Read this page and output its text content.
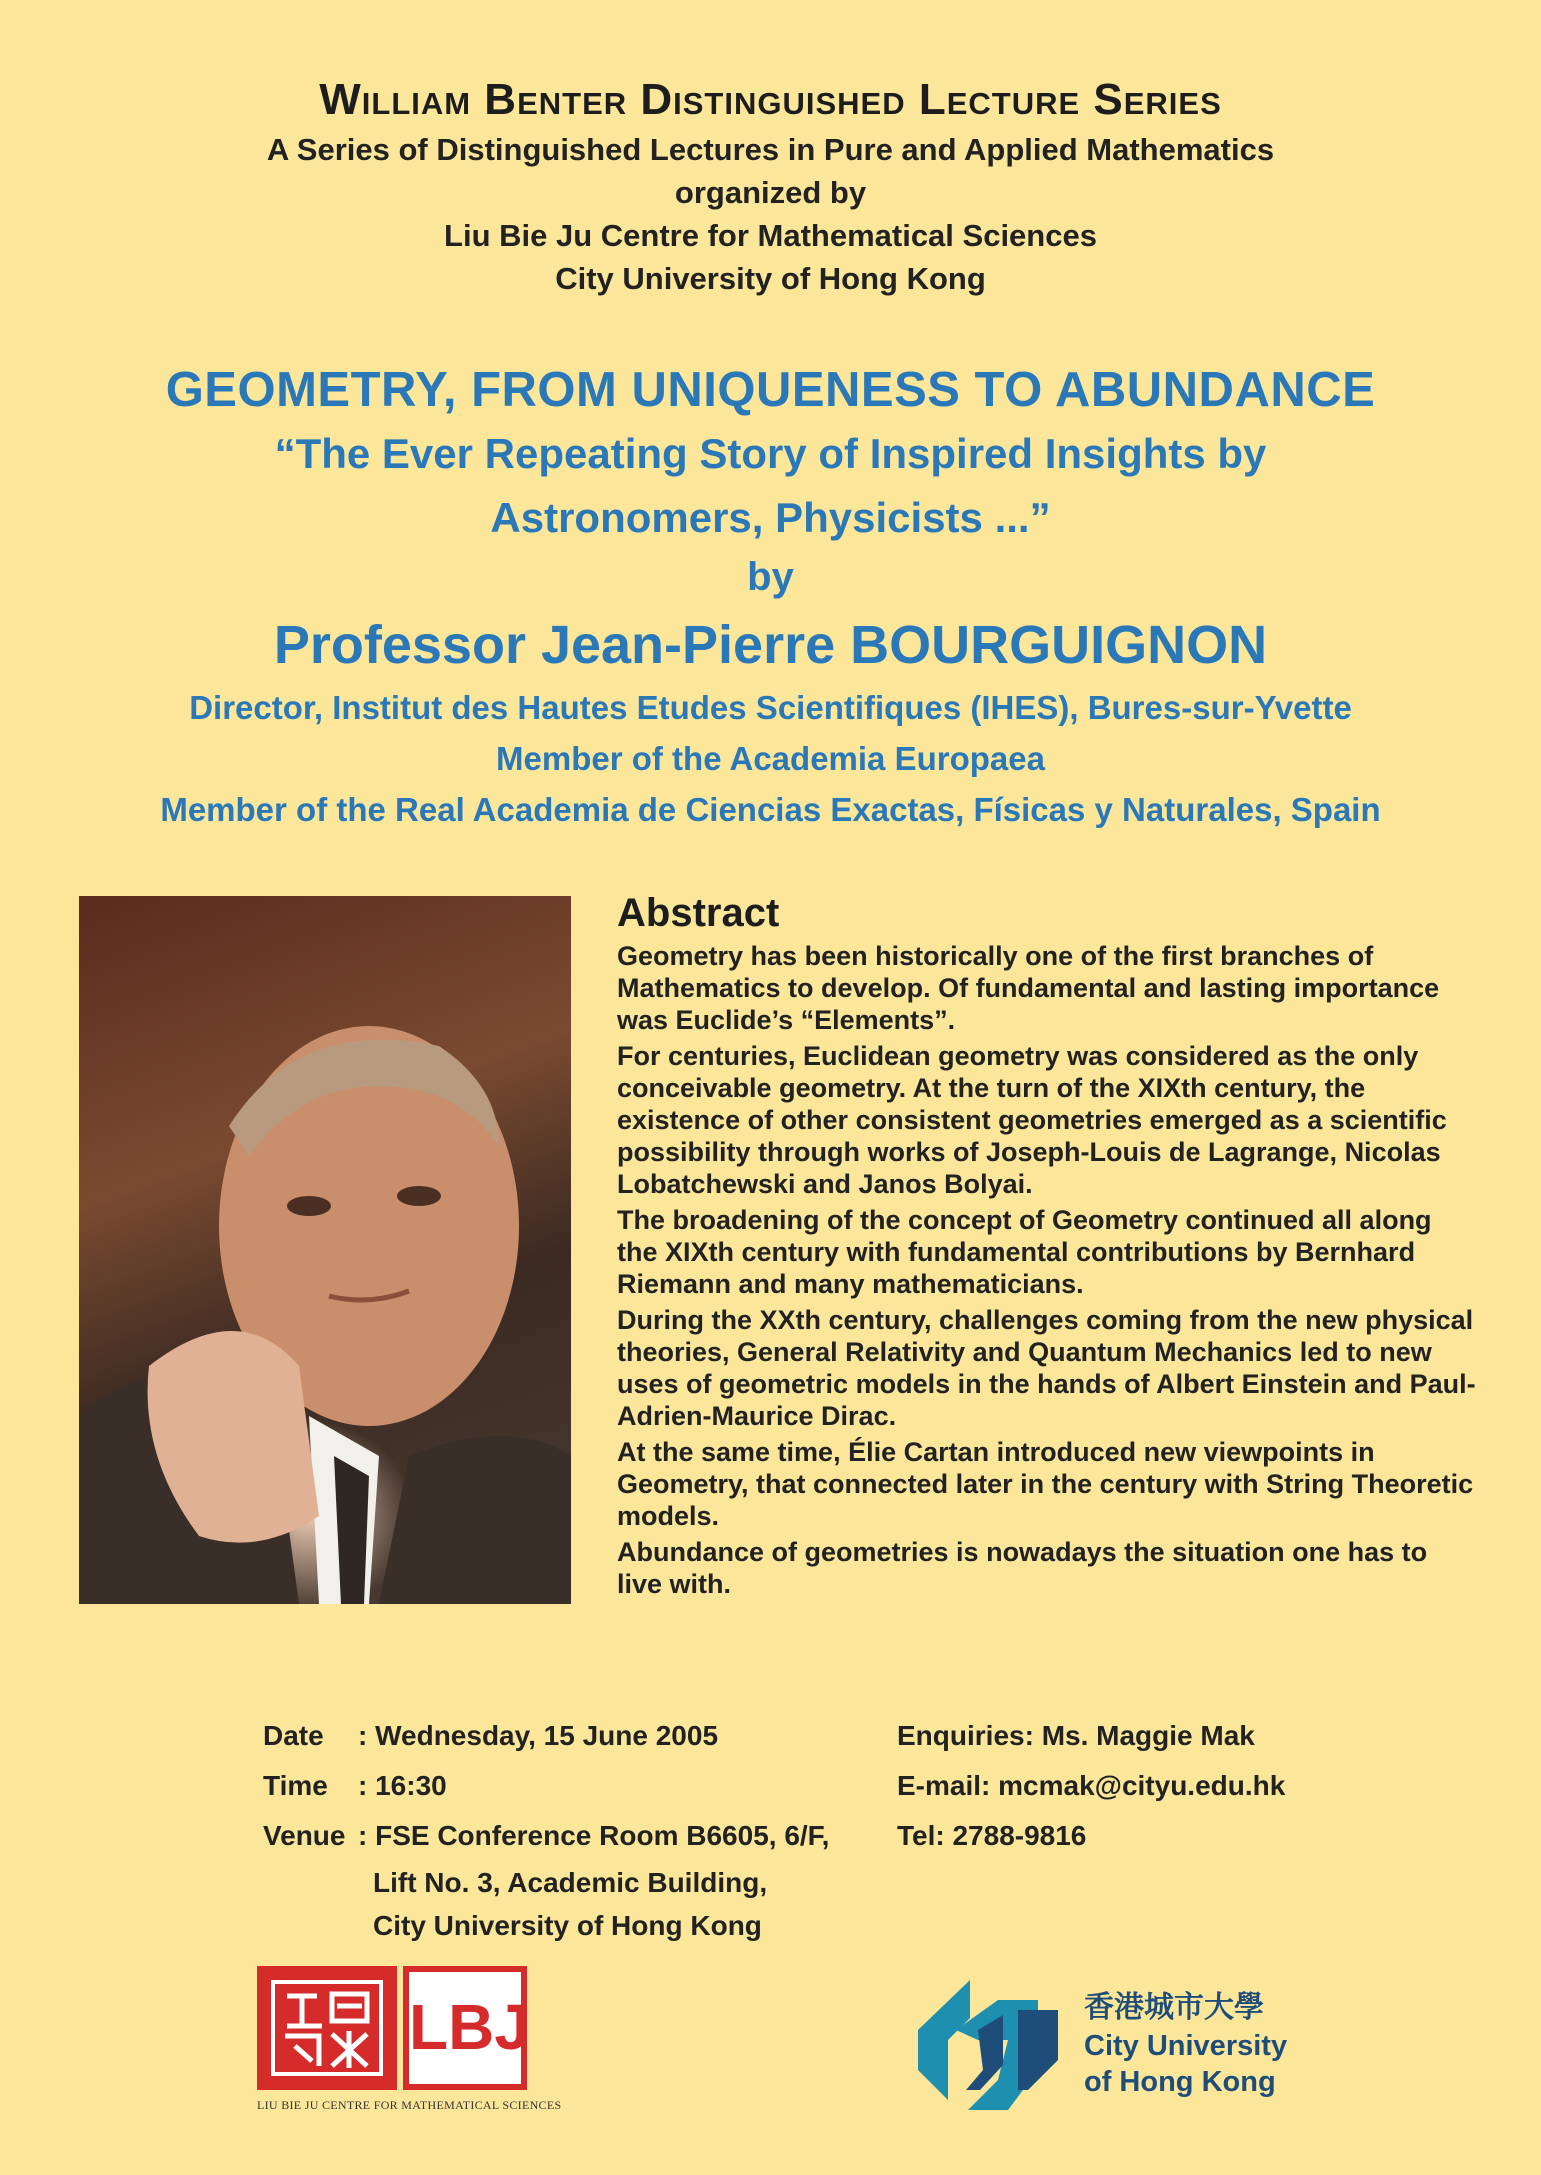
William Benter Distinguished Lecture Series
A Series of Distinguished Lectures in Pure and Applied Mathematics
organized by
Liu Bie Ju Centre for Mathematical Sciences
City University of Hong Kong
GEOMETRY, FROM UNIQUENESS TO ABUNDANCE
“The Ever Repeating Story of Inspired Insights by
Astronomers, Physicists ...”
by
Professor Jean-Pierre BOURGUIGNON
Director, Institut des Hautes Etudes Scientifiques (IHES), Bures-sur-Yvette
Member of the Academia Europaea
Member of the Real Academia de Ciencias Exactas, Físicas y Naturales, Spain
Abstract

Geometry has been historically one of the first branches of Mathematics to develop. Of fundamental and lasting importance was Euclide’s “Elements”.

For centuries, Euclidean geometry was considered as the only conceivable geometry. At the turn of the XIXth century, the existence of other consistent geometries emerged as a scientific possibility through works of Joseph-Louis de Lagrange, Nicolas Lobatchewski and Janos Bolyai.

The broadening of the concept of Geometry continued all along the XIXth century with fundamental contributions by Bernhard Riemann and many mathematicians.

During the XXth century, challenges coming from the new physical theories, General Relativity and Quantum Mechanics led to new uses of geometric models in the hands of Albert Einstein and Paul-Adrien-Maurice Dirac.

At the same time, Élie Cartan introduced new viewpoints in Geometry, that connected later in the century with String Theoretic models.

Abundance of geometries is nowadays the situation one has to live with.

Date	: Wednesday, 15 June 2005
Time	: 16:30
Venue : FSE Conference Room B6605, 6/F,
Lift No. 3, Academic Building,
City University of Hong Kong
Enquiries: Ms. Maggie Mak
E-mail: mcmak@cityu.edu.hk
Tel: 2788-9816
LBJ
LIU BIE JU CENTRE FOR MATHEMATICAL SCIENCES
香港城市大學
City University
of Hong Kong
